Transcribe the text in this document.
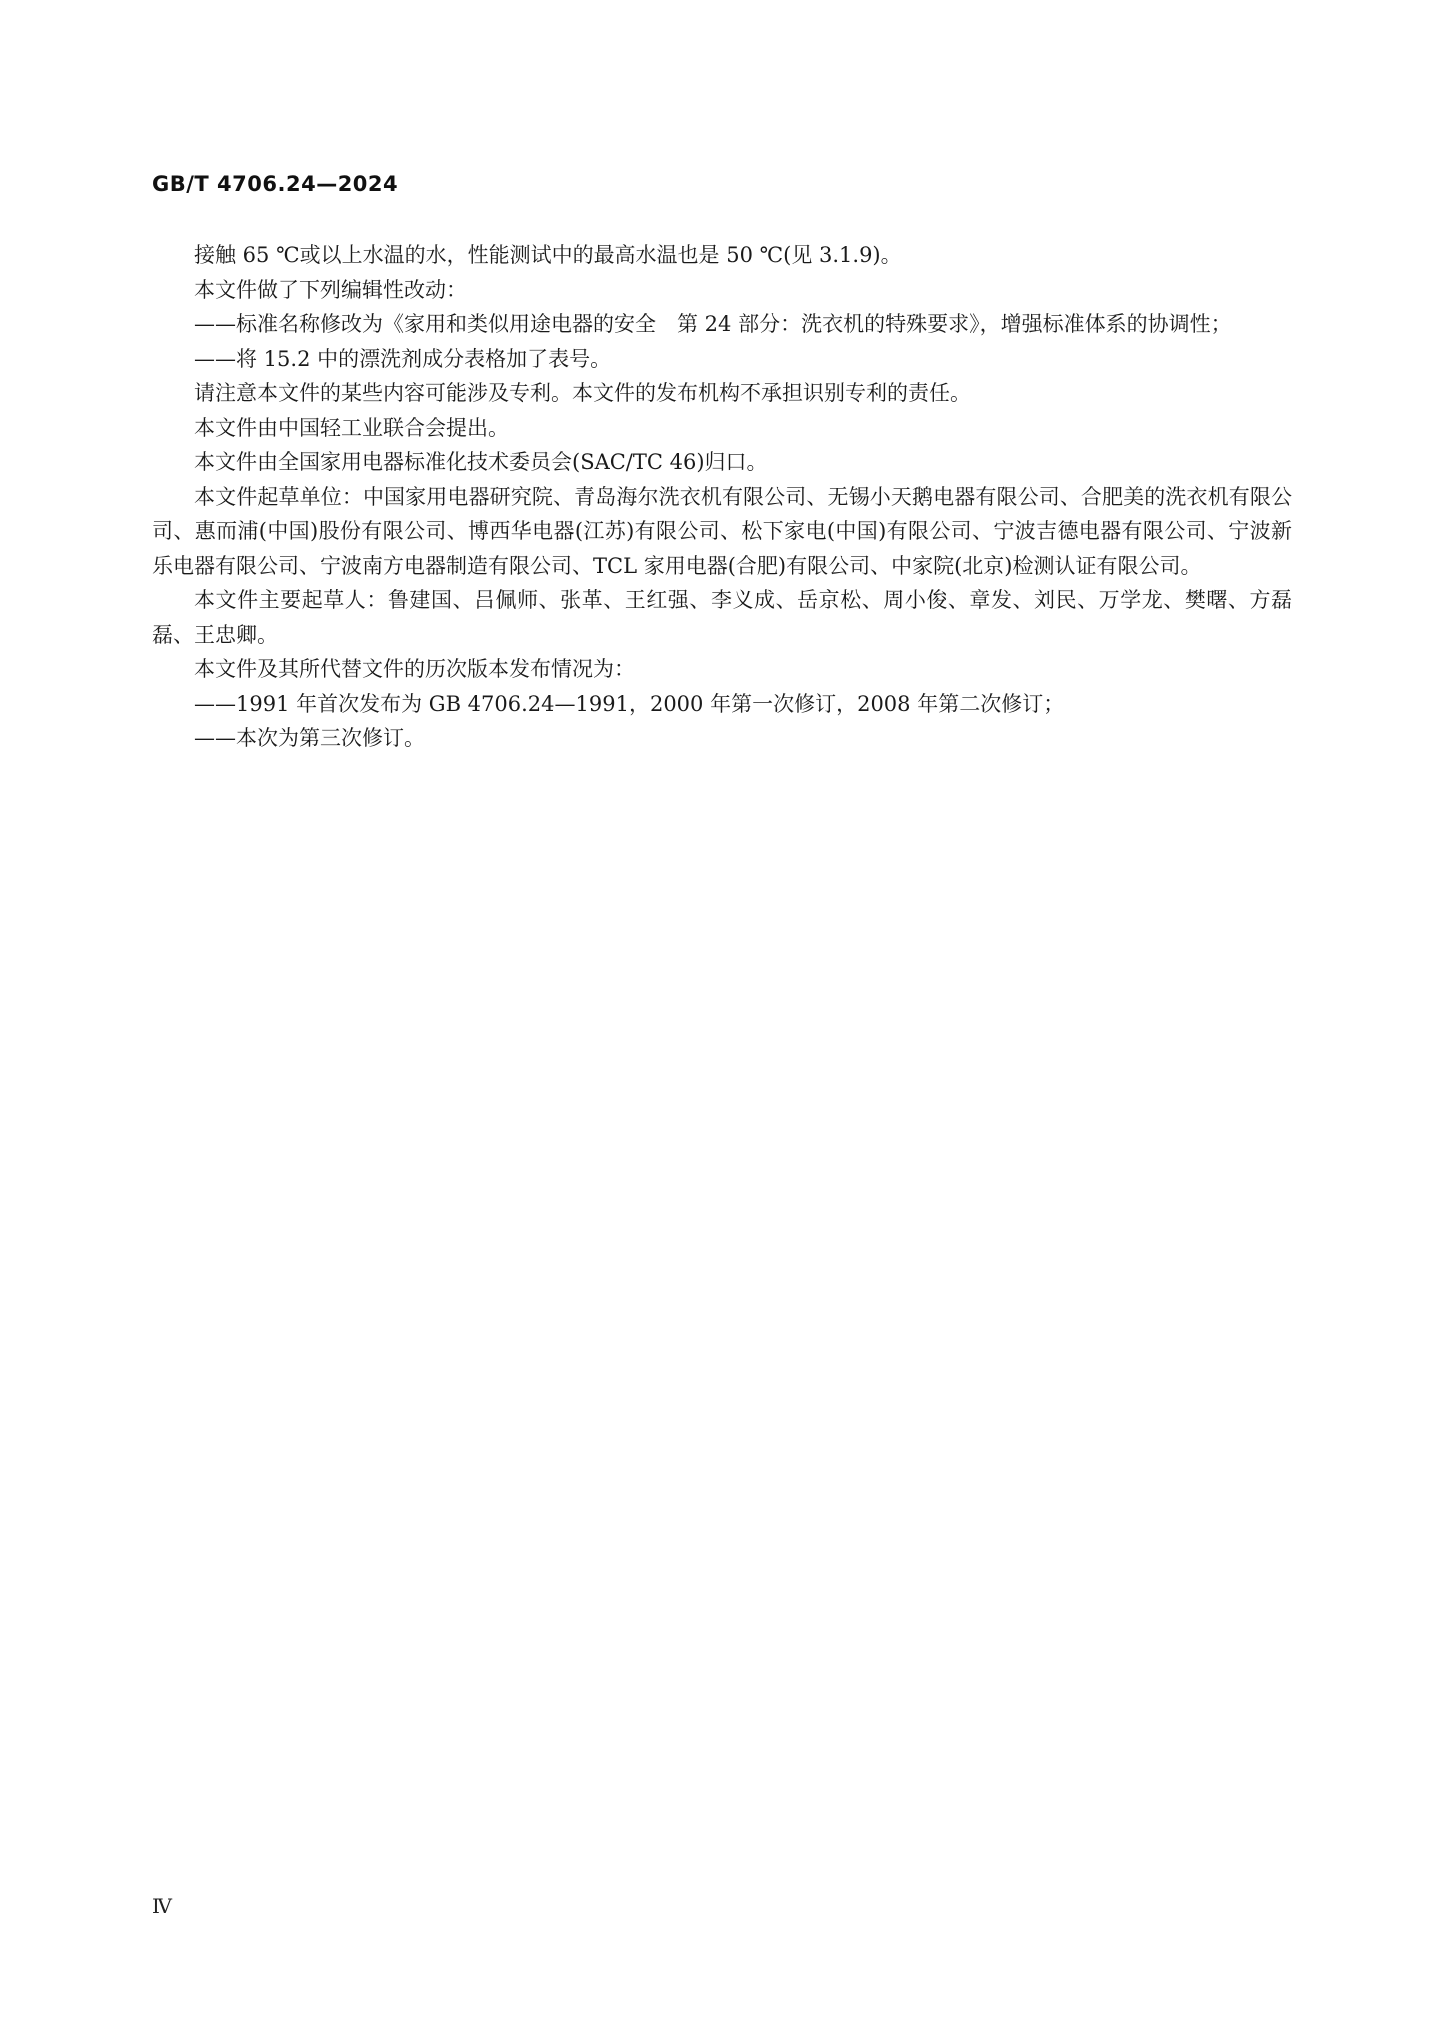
GB/T 4706.24—2024

接触 65 ℃或以上水温的水，性能测试中的最高水温也是 50 ℃(见 3.1.9)。

本文件做了下列编辑性改动：

——标准名称修改为《家用和类似用途电器的安全　第 24 部分：洗衣机的特殊要求》，增强标准体系的协调性；

——将 15.2 中的漂洗剂成分表格加了表号。

请注意本文件的某些内容可能涉及专利。本文件的发布机构不承担识别专利的责任。

本文件由中国轻工业联合会提出。

本文件由全国家用电器标准化技术委员会(SAC/TC 46)归口。

本文件起草单位：中国家用电器研究院、青岛海尔洗衣机有限公司、无锡小天鹅电器有限公司、合肥美的洗衣机有限公司、惠而浦(中国)股份有限公司、博西华电器(江苏)有限公司、松下家电(中国)有限公司、宁波吉德电器有限公司、宁波新乐电器有限公司、宁波南方电器制造有限公司、TCL 家用电器(合肥)有限公司、中家院(北京)检测认证有限公司。

本文件主要起草人：鲁建国、吕佩师、张革、王红强、李义成、岳京松、周小俊、章发、刘民、万学龙、樊曙、方磊磊、王忠卿。

本文件及其所代替文件的历次版本发布情况为：

——1991 年首次发布为 GB 4706.24—1991，2000 年第一次修订，2008 年第二次修订；

——本次为第三次修订。

Ⅳ
